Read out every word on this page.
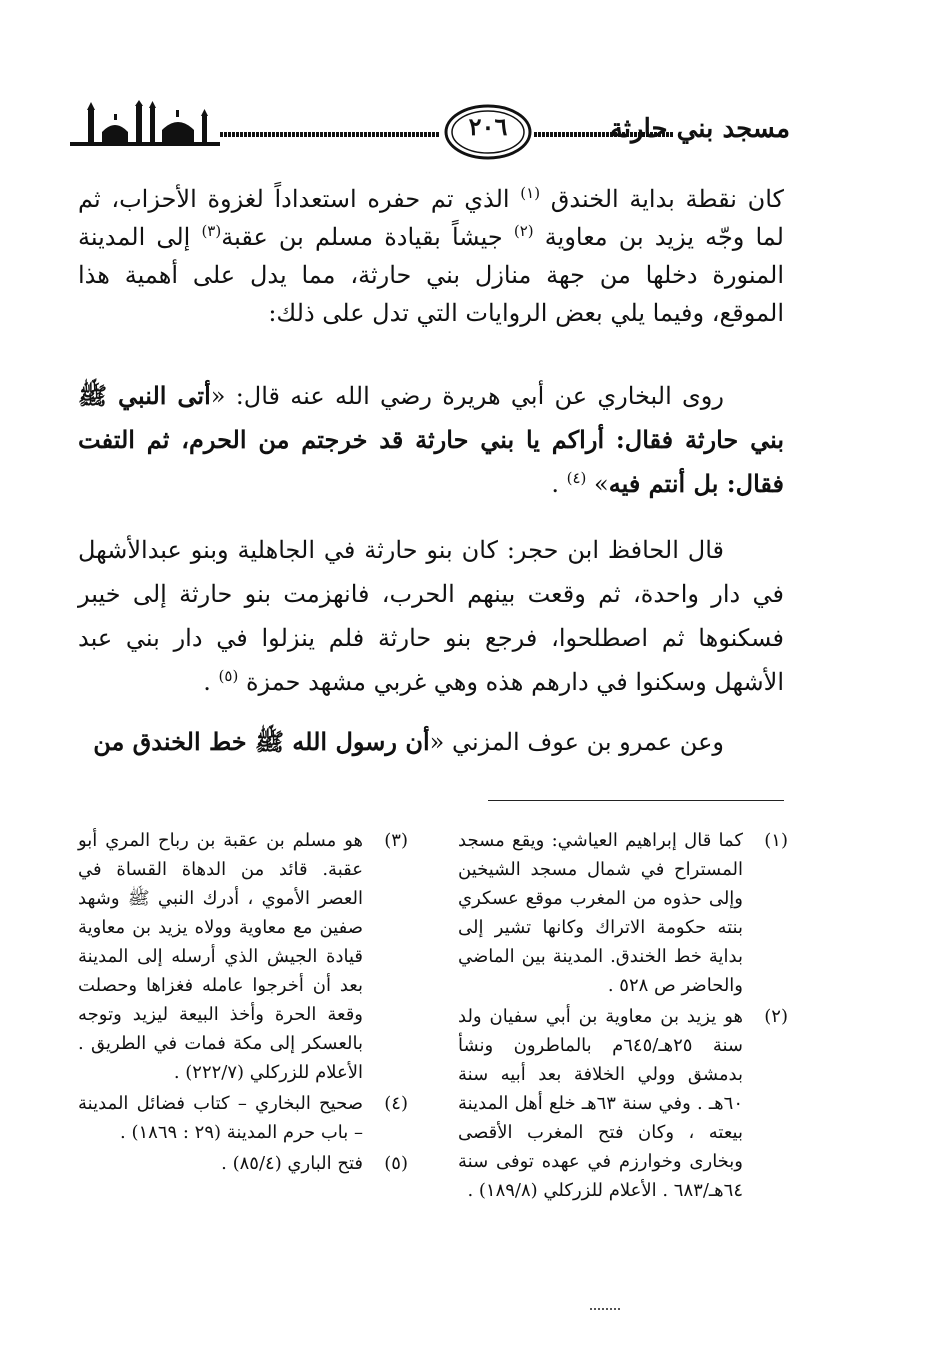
٢٠٦	مسجد بني حارثة

كان نقطة بداية الخندق $^{(١)}$ الذي تم حفره استعداداً لغزوة الأحزاب، ثم لما وجّه يزيد بن معاوية $^{(٢)}$ جيشاً بقيادة مسلم بن عقبة$^{(٣)}$ إلى المدينة المنورة دخلها من جهة منازل بني حارثة، مما يدل على أهمية هذا الموقع، وفيما يلي بعض الروايات التي تدل على ذلك:

روى البخاري عن أبي هريرة رضي الله عنه قال: «أتى النبي ﷺ بني حارثة فقال: أراكم يا بني حارثة قد خرجتم من الحرم، ثم التفت فقال: بل أنتم فيه» $^{(٤)}$ .

قال الحافظ ابن حجر: كان بنو حارثة في الجاهلية وبنو عبدالأشهل في دار واحدة، ثم وقعت بينهم الحرب، فانهزمت بنو حارثة إلى خيبر فسكنوها ثم اصطلحوا، فرجع بنو حارثة فلم ينزلوا في دار بني عبد الأشهل وسكنوا في دارهم هذه وهي غربي مشهد حمزة $^{(٥)}$ .

وعن عمرو بن عوف المزني «أن رسول الله ﷺ خط الخندق من

(١)
كما قال إبراهيم العياشي: ويقع مسجد المستراح في شمال مسجد الشيخين وإلى حذوه من المغرب موقع عسكري بنته حكومة الاتراك وكانها تشير إلى بداية خط الخندق. المدينة بين الماضي والحاضر ص ٥٢٨ .
(٢)
هو يزيد بن معاوية بن أبي سفيان ولد سنة ٢٥هـ/٦٤٥م بالماطرون ونشأ بدمشق وولي الخلافة بعد أبيه سنة ٦٠هـ . وفي سنة ٦٣هـ خلع أهل المدينة بيعته ، وكان فتح المغرب الأقصى وبخارى وخوارزم في عهده توفى سنة ٦٤هـ/٦٨٣ . الأعلام للزركلي (١٨٩/٨) .
(٣)
هو مسلم بن عقبة بن رباح المري أبو عقبة. قائد من الدهاة القساة في العصر الأموي ، أدرك النبي ﷺ وشهد صفين مع معاوية وولاه يزيد بن معاوية قيادة الجيش الذي أرسله إلى المدينة بعد أن أخرجوا عامله فغزاها وحصلت وقعة الحرة وأخذ البيعة ليزيد وتوجه بالعسكر إلى مكة فمات في الطريق . الأعلام للزركلي (٢٢٢/٧) .
(٤)
صحيح البخاري – كتاب فضائل المدينة – باب حرم المدينة (٢٩ : ١٨٦٩) .
(٥)
فتح الباري (٨٥/٤) .
